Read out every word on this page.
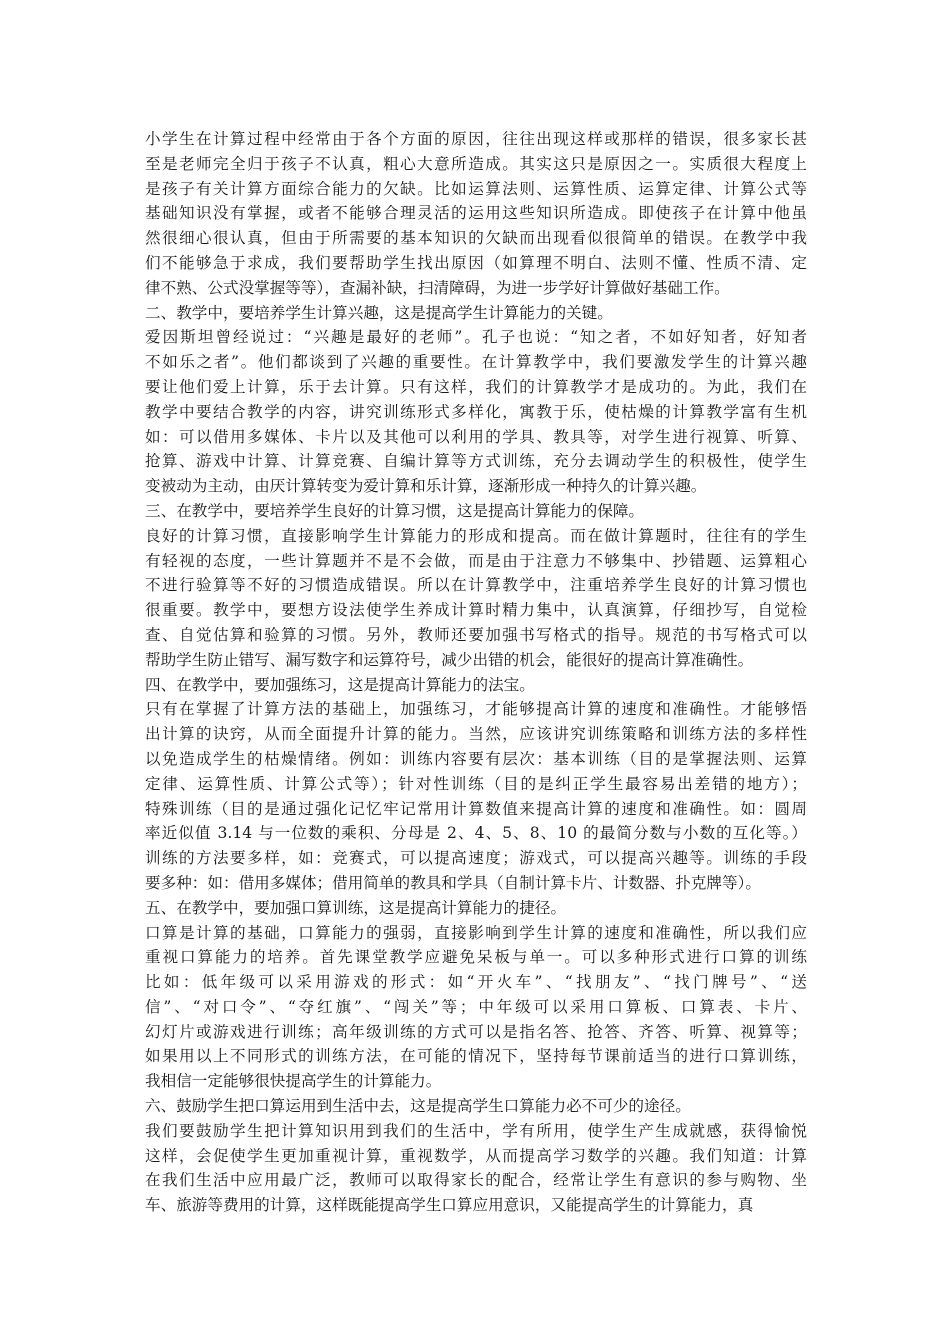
小学生在计算过程中经常由于各个方面的原因，往往出现这样或那样的错误，很多家长甚
至是老师完全归于孩子不认真，粗心大意所造成。其实这只是原因之一。实质很大程度上
是孩子有关计算方面综合能力的欠缺。比如运算法则、运算性质、运算定律、计算公式等
基础知识没有掌握，或者不能够合理灵活的运用这些知识所造成。即使孩子在计算中他虽
然很细心很认真，但由于所需要的基本知识的欠缺而出现看似很简单的错误。在教学中我
们不能够急于求成，我们要帮助学生找出原因（如算理不明白、法则不懂、性质不清、定
律不熟、公式没掌握等等），查漏补缺，扫清障碍，为进一步学好计算做好基础工作。
二、教学中，要培养学生计算兴趣，这是提高学生计算能力的关键。
爱因斯坦曾经说过：“兴趣是最好的老师”。孔子也说：“知之者，不如好知者，好知者
不如乐之者”。他们都谈到了兴趣的重要性。在计算教学中，我们要激发学生的计算兴趣
要让他们爱上计算，乐于去计算。只有这样，我们的计算教学才是成功的。为此，我们在
教学中要结合教学的内容，讲究训练形式多样化，寓教于乐，使枯燥的计算教学富有生机
如：可以借用多媒体、卡片以及其他可以利用的学具、教具等，对学生进行视算、听算、
抢算、游戏中计算、计算竞赛、自编计算等方式训练，充分去调动学生的积极性，使学生
变被动为主动，由厌计算转变为爱计算和乐计算，逐渐形成一种持久的计算兴趣。
三、在教学中，要培养学生良好的计算习惯，这是提高计算能力的保障。
良好的计算习惯，直接影响学生计算能力的形成和提高。而在做计算题时，往往有的学生
有轻视的态度，一些计算题并不是不会做，而是由于注意力不够集中、抄错题、运算粗心
不进行验算等不好的习惯造成错误。所以在计算教学中，注重培养学生良好的计算习惯也
很重要。教学中，要想方设法使学生养成计算时精力集中，认真演算，仔细抄写，自觉检
查、自觉估算和验算的习惯。另外，教师还要加强书写格式的指导。规范的书写格式可以
帮助学生防止错写、漏写数字和运算符号，减少出错的机会，能很好的提高计算准确性。
四、在教学中，要加强练习，这是提高计算能力的法宝。
只有在掌握了计算方法的基础上，加强练习，才能够提高计算的速度和准确性。才能够悟
出计算的诀窍，从而全面提升计算的能力。当然，应该讲究训练策略和训练方法的多样性
以免造成学生的枯燥情绪。例如：训练内容要有层次：基本训练（目的是掌握法则、运算
定律、运算性质、计算公式等）；针对性训练（目的是纠正学生最容易出差错的地方）；
特殊训练（目的是通过强化记忆牢记常用计算数值来提高计算的速度和准确性。如：圆周
率近似值 3.14 与一位数的乘积、分母是 2、4、5、8、10 的最简分数与小数的互化等。）
训练的方法要多样，如：竞赛式，可以提高速度；游戏式，可以提高兴趣等。训练的手段
要多种：如：借用多媒体；借用简单的教具和学具（自制计算卡片、计数器、扑克牌等）。
五、在教学中，要加强口算训练，这是提高计算能力的捷径。
口算是计算的基础，口算能力的强弱，直接影响到学生计算的速度和准确性，所以我们应
重视口算能力的培养。首先课堂教学应避免呆板与单一。可以多种形式进行口算的训练
比如：低年级可以采用游戏的形式：如“开火车”、“找朋友”、“找门牌号”、“送
信”、“对口令”、“夺红旗”、“闯关”等；中年级可以采用口算板、口算表、卡片、
幻灯片或游戏进行训练；高年级训练的方式可以是指名答、抢答、齐答、听算、视算等；
如果用以上不同形式的训练方法，在可能的情况下，坚持每节课前适当的进行口算训练，
我相信一定能够很快提高学生的计算能力。
六、鼓励学生把口算运用到生活中去，这是提高学生口算能力必不可少的途径。
我们要鼓励学生把计算知识用到我们的生活中，学有所用，使学生产生成就感，获得愉悦
这样，会促使学生更加重视计算，重视数学，从而提高学习数学的兴趣。我们知道：计算
在我们生活中应用最广泛，教师可以取得家长的配合，经常让学生有意识的参与购物、坐
车、旅游等费用的计算，这样既能提高学生口算应用意识，又能提高学生的计算能力，真
